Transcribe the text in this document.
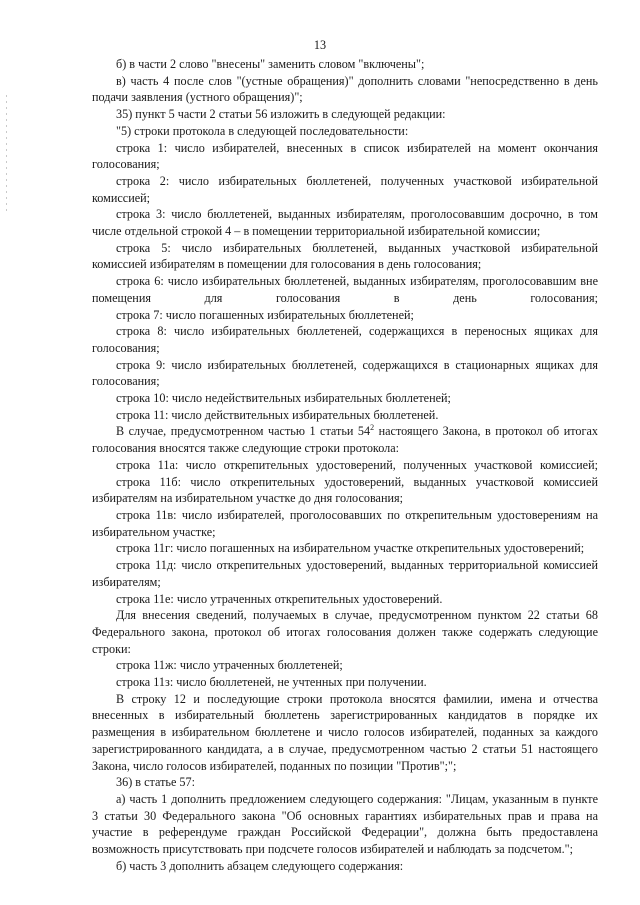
13

б) в части 2 слово "внесены" заменить словом "включены";

в) часть 4 после слов "(устные обращения)" дополнить словами "непосредственно в день подачи заявления (устного обращения)";

35) пункт 5 части 2 статьи 56 изложить в следующей редакции:

"5) строки протокола в следующей последовательности:

строка 1: число избирателей, внесенных в список избирателей на момент окончания голосования;

строка 2: число избирательных бюллетеней, полученных участковой избирательной комиссией;

строка 3: число бюллетеней, выданных избирателям, проголосовавшим досрочно, в том числе отдельной строкой 4 – в помещении территориальной избирательной комиссии;

строка 5: число избирательных бюллетеней, выданных участковой избирательной комиссией избирателям в помещении для голосования в день голосования;

строка 6: число избирательных бюллетеней, выданных избирателям, проголосовавшим вне помещения для голосования в день голосования;

строка 7: число погашенных избирательных бюллетеней;

строка 8: число избирательных бюллетеней, содержащихся в переносных ящиках для голосования;

строка 9: число избирательных бюллетеней, содержащихся в стационарных ящиках для голосования;

строка 10: число недействительных избирательных бюллетеней;

строка 11: число действительных избирательных бюллетеней.

В случае, предусмотренном частью 1 статьи $54^2$ настоящего Закона, в протокол об итогах голосования вносятся также следующие строки протокола:

строка 11а: число открепительных удостоверений, полученных участковой комиссией;

строка 11б: число открепительных удостоверений, выданных участковой комиссией избирателям на избирательном участке до дня голосования;

строка 11в: число избирателей, проголосовавших по открепительным удостоверениям на избирательном участке;

строка 11г: число погашенных на избирательном участке открепительных удостоверений;

строка 11д: число открепительных удостоверений, выданных территориальной комиссией избирателям;

строка 11е: число утраченных открепительных удостоверений.

Для внесения сведений, получаемых в случае, предусмотренном пунктом 22 статьи 68 Федерального закона, протокол об итогах голосования должен также содержать следующие строки:

строка 11ж: число утраченных бюллетеней;

строка 11з: число бюллетеней, не учтенных при получении.

В строку 12 и последующие строки протокола вносятся фамилии, имена и отчества внесенных в избирательный бюллетень зарегистрированных кандидатов в порядке их размещения в избирательном бюллетене и число голосов избирателей, поданных за каждого зарегистрированного кандидата, а в случае, предусмотренном частью 2 статьи 51 настоящего Закона, число голосов избирателей, поданных по позиции "Против";";

36) в статье 57:

а) часть 1 дополнить предложением следующего содержания: "Лицам, указанным в пункте 3 статьи 30 Федерального закона "Об основных гарантиях избирательных прав и права на участие в референдуме граждан Российской Федерации", должна быть предоставлена возможность присутствовать при подсчете голосов избирателей и наблюдать за подсчетом.";

б) часть 3 дополнить абзацем следующего содержания:
